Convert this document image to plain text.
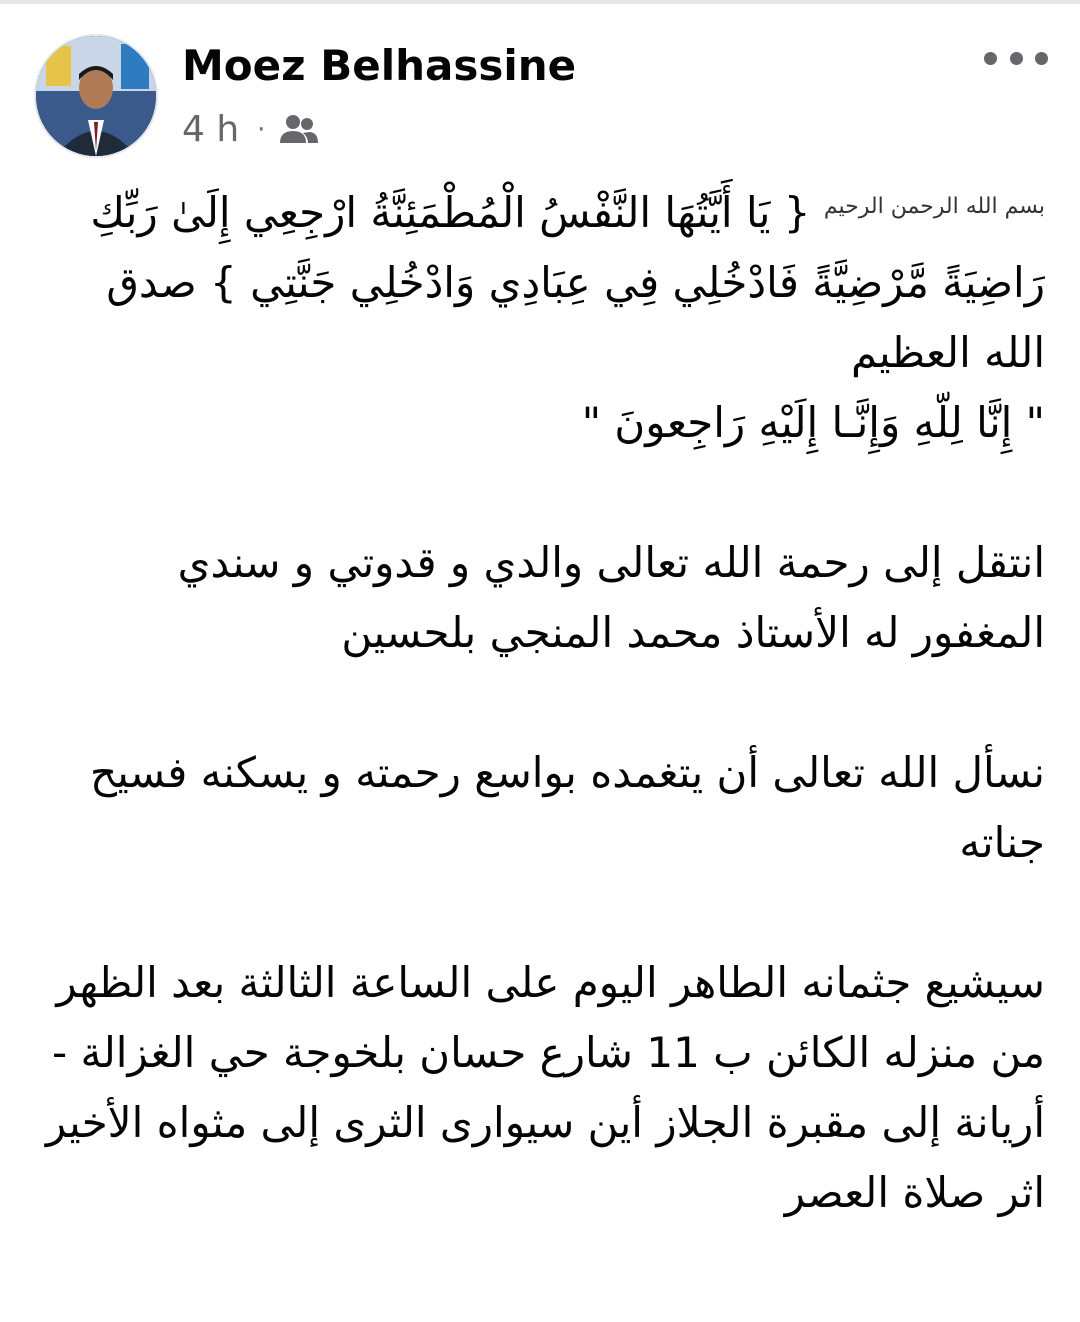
Moez Belhassine
4 h ·

$^{بسم الله الرحمن الرحيم}$ { يَا أَيَّتُهَا النَّفْسُ الْمُطْمَئِنَّةُ ارْجِعِي إِلَىٰ رَبِّكِ رَاضِيَةً مَّرْضِيَّةً فَادْخُلِي فِي عِبَادِي وَادْخُلِي جَنَّتِي } صدق الله العظيم

" إِنَّا لِلّهِ وَإِنَّـا إِلَيْهِ رَاجِعونَ "

انتقل إلى رحمة الله تعالى والدي و قدوتي و سندي المغفور له الأستاذ محمد المنجي بلحسين

نسأل الله تعالى أن يتغمده بواسع رحمته و يسكنه فسيح جناته

سيشيع جثمانه الطاهر اليوم على الساعة الثالثة بعد الظهر من منزله الكائن ب 11 شارع حسان بلخوجة حي الغزالة - أريانة إلى مقبرة الجلاز أين سيوارى الثرى إلى مثواه الأخير اثر صلاة العصر
